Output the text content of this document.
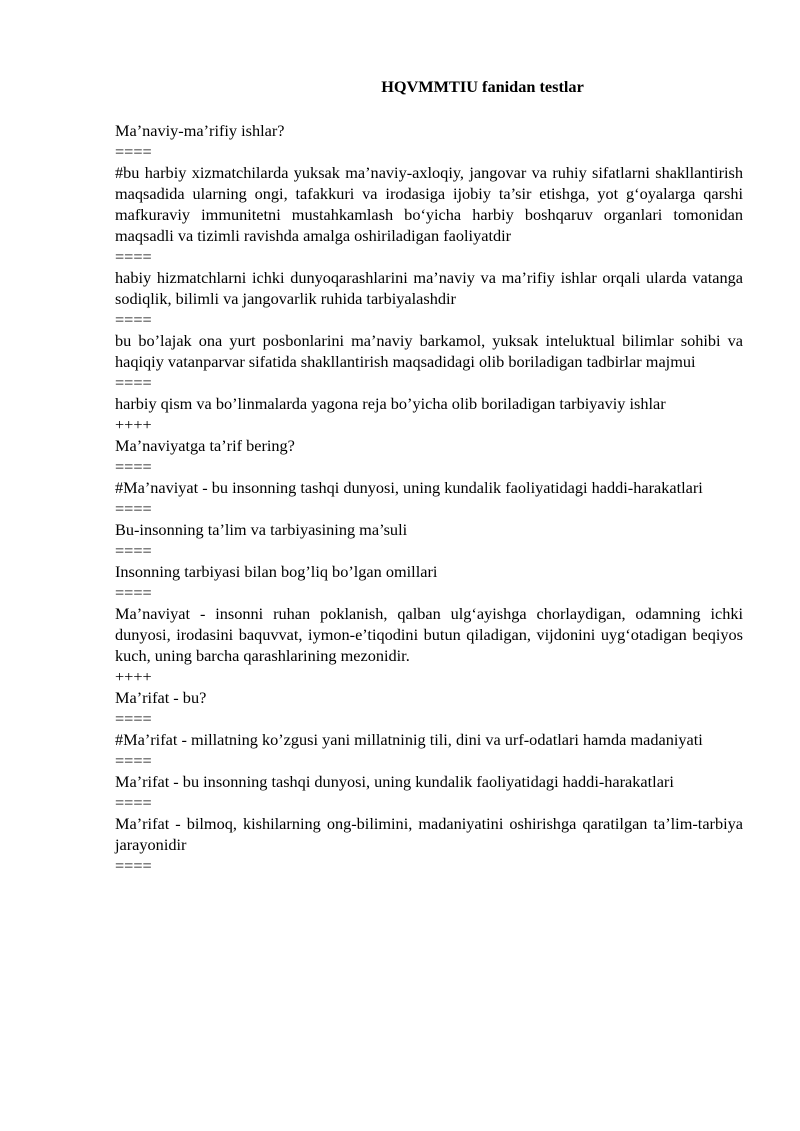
HQVMMTIU fanidan testlar

Ma’naviy-ma’rifiy ishlar?

====

#bu harbiy xizmatchilarda yuksak ma’naviy-axloqiy, jangovar va ruhiy sifatlarni shakllantirish maqsadida ularning ongi, tafakkuri va irodasiga ijobiy ta’sir etishga, yot g‘oyalarga qarshi mafkuraviy immunitetni mustahkamlash bo‘yicha harbiy boshqaruv organlari tomonidan maqsadli va tizimli ravishda amalga oshiriladigan faoliyatdir

====

habiy hizmatchlarni ichki dunyoqarashlarini ma’naviy va ma’rifiy ishlar orqali ularda vatanga sodiqlik, bilimli va jangovarlik ruhida tarbiyalashdir

====

bu bo’lajak ona yurt posbonlarini ma’naviy barkamol, yuksak inteluktual bilimlar sohibi va haqiqiy vatanparvar sifatida shakllantirish maqsadidagi olib boriladigan tadbirlar majmui

====

harbiy qism va bo’linmalarda yagona reja bo’yicha olib boriladigan tarbiyaviy ishlar

++++

Ma’naviyatga ta’rif bering?

====

#Ma’naviyat - bu insonning tashqi dunyosi, uning kundalik faoliyatidagi haddi-harakatlari

====

Bu-insonning ta’lim va tarbiyasining ma’suli

====

Insonning tarbiyasi bilan bog’liq bo’lgan omillari

====

Ma’naviyat - insonni ruhan poklanish, qalban ulg‘ayishga chorlaydigan, odamning ichki dunyosi, irodasini baquvvat, iymon-e’tiqodini butun qiladigan, vijdonini uyg‘otadigan beqiyos kuch, uning barcha qarashlarining mezonidir.

++++

Ma’rifat - bu?

====

#Ma’rifat - millatning ko’zgusi yani millatninig tili, dini va urf-odatlari hamda madaniyati

====

Ma’rifat - bu insonning tashqi dunyosi, uning kundalik faoliyatidagi haddi-harakatlari

====

Ma’rifat - bilmoq, kishilarning ong-bilimini, madaniyatini oshirishga qaratilgan ta’lim-tarbiya jarayonidir

====
